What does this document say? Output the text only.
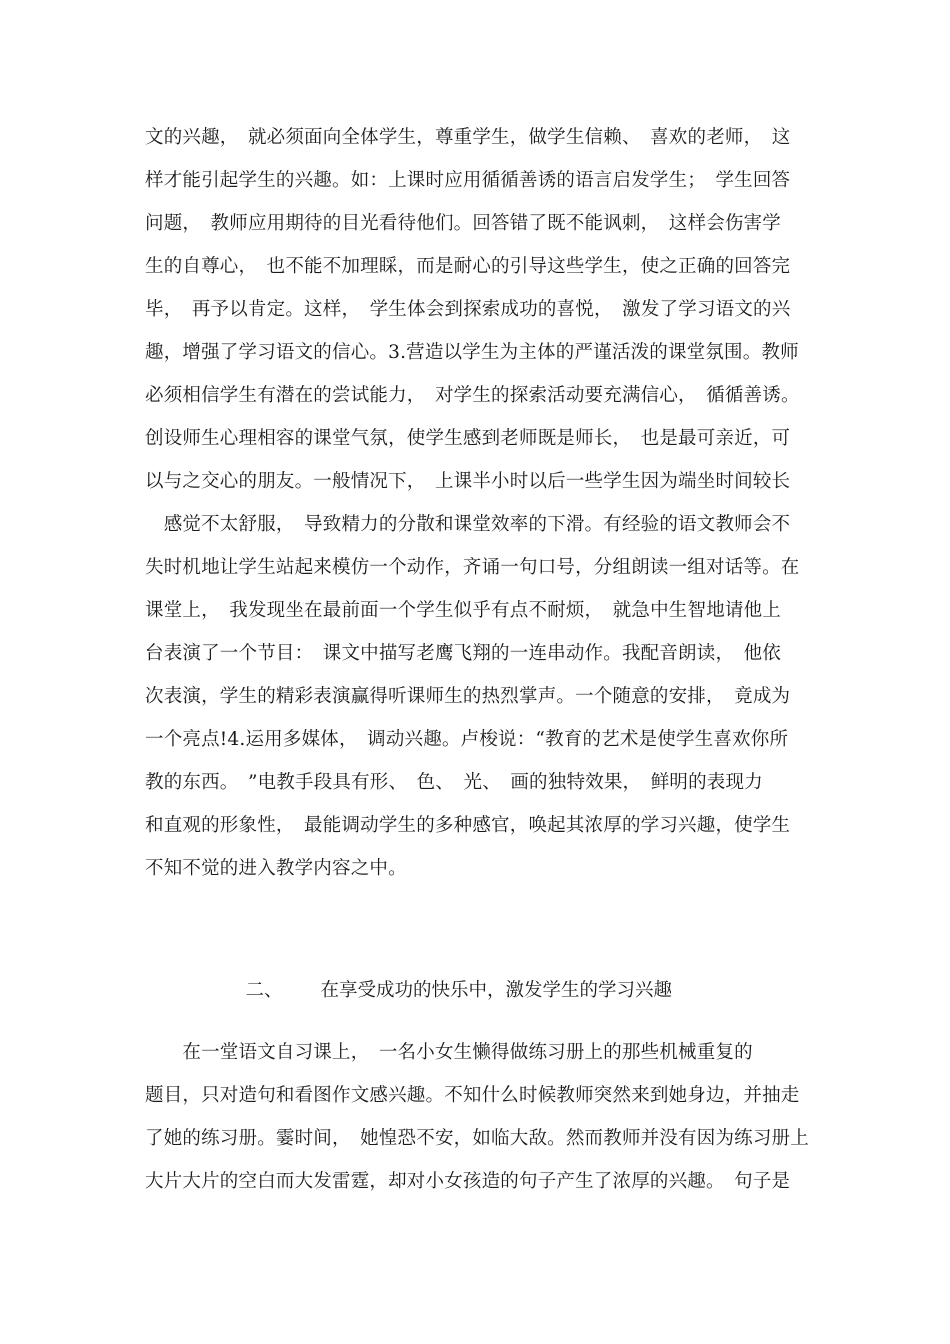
文的兴趣，　就必须面向全体学生，尊重学生，做学生信赖、　喜欢的老师，　这
样才能引起学生的兴趣。如：上课时应用循循善诱的语言启发学生；　学生回答
问题，　教师应用期待的目光看待他们。回答错了既不能讽刺，　这样会伤害学
生的自尊心，　也不能不加理睬，而是耐心的引导这些学生，使之正确的回答完
毕，　再予以肯定。这样，　学生体会到探索成功的喜悦，　激发了学习语文的兴
趣，增强了学习语文的信心。3.营造以学生为主体的严谨活泼的课堂氛围。教师
必须相信学生有潜在的尝试能力，　对学生的探索活动要充满信心，　循循善诱。
创设师生心理相容的课堂气氛，使学生感到老师既是师长，　也是最可亲近，可
以与之交心的朋友。一般情况下，　上课半小时以后一些学生因为端坐时间较长
　感觉不太舒服，　导致精力的分散和课堂效率的下滑。有经验的语文教师会不
失时机地让学生站起来模仿一个动作，齐诵一句口号，分组朗读一组对话等。在
课堂上，　我发现坐在最前面一个学生似乎有点不耐烦，　就急中生智地请他上
台表演了一个节目：　课文中描写老鹰飞翔的一连串动作。我配音朗读，　他依
次表演，学生的精彩表演赢得听课师生的热烈掌声。一个随意的安排，　竟成为
一个亮点!4.运用多媒体，　调动兴趣。卢梭说：“教育的艺术是使学生喜欢你所
教的东西。　”电教手段具有形、　色、　光、　画的独特效果，　鲜明的表现力
和直观的形象性，　最能调动学生的多种感官，唤起其浓厚的学习兴趣，使学生
不知不觉的进入教学内容之中。

二、 在享受成功的快乐中，激发学生的学习兴趣

　　在一堂语文自习课上，　一名小女生懒得做练习册上的那些机械重复的
题目，只对造句和看图作文感兴趣。不知什么时候教师突然来到她身边，并抽走
了她的练习册。霎时间，　她惶恐不安，如临大敌。然而教师并没有因为练习册上
大片大片的空白而大发雷霆，却对小女孩造的句子产生了浓厚的兴趣。　句子是
